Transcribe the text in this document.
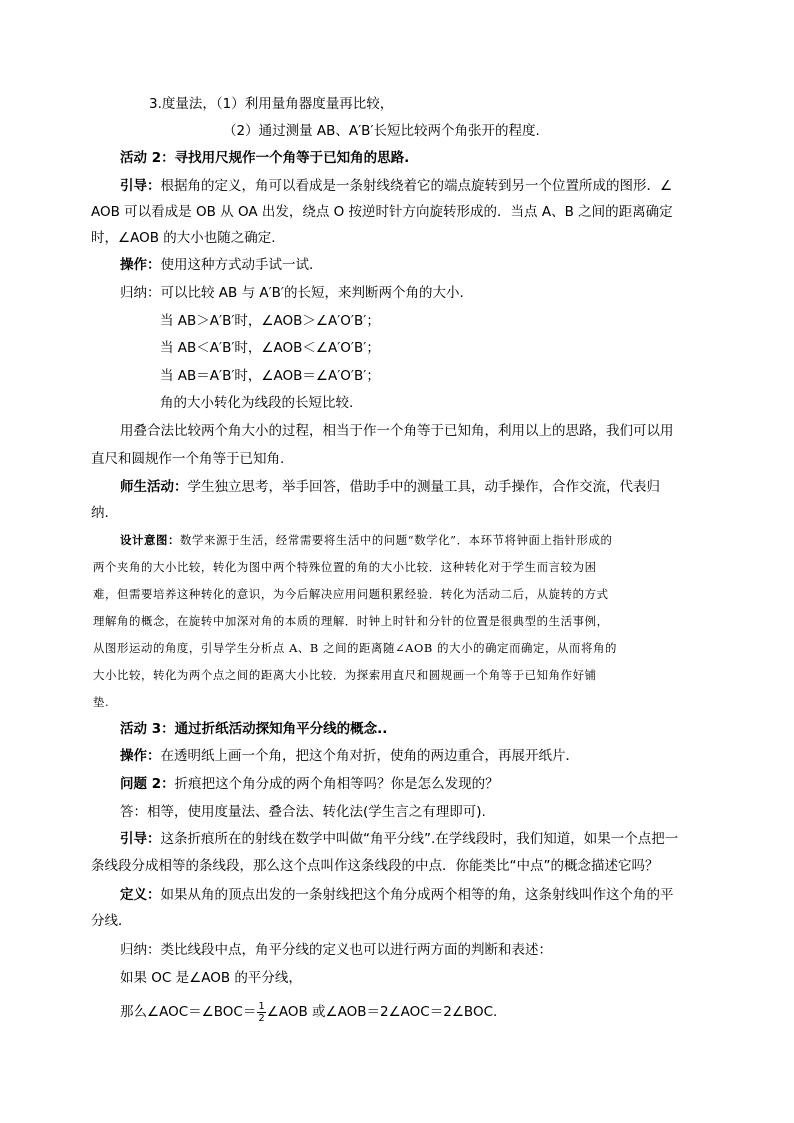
3.度量法，（1）利用量角器度量再比较，
（2）通过测量 AB、A′B′长短比较两个角张开的程度.
活动 2：寻找用尺规作一个角等于已知角的思路.
引导：根据角的定义，角可以看成是一条射线绕着它的端点旋转到另一个位置所成的图形．∠
AOB 可以看成是 OB 从 OA 出发，绕点 O 按逆时针方向旋转形成的．当点 A、B 之间的距离确定
时，∠AOB 的大小也随之确定.
操作：使用这种方式动手试一试.
归纳：可以比较 AB 与 A′B′的长短，来判断两个角的大小.
当 AB＞A′B′时，∠AOB＞∠A′O′B′；
当 AB＜A′B′时，∠AOB＜∠A′O′B′；
当 AB＝A′B′时，∠AOB＝∠A′O′B′；
角的大小转化为线段的长短比较.
用叠合法比较两个角大小的过程，相当于作一个角等于已知角，利用以上的思路，我们可以用
直尺和圆规作一个角等于已知角.
师生活动：学生独立思考，举手回答，借助手中的测量工具，动手操作，合作交流，代表归
纳.
设计意图：数学来源于生活，经常需要将生活中的问题“数学化”．本环节将钟面上指针形成的
两个夹角的大小比较，转化为图中两个特殊位置的角的大小比较．这种转化对于学生而言较为困
难，但需要培养这种转化的意识，为今后解决应用问题积累经验．转化为活动二后，从旋转的方式
理解角的概念，在旋转中加深对角的本质的理解．时钟上时针和分针的位置是很典型的生活事例，
从图形运动的角度，引导学生分析点 A、B 之间的距离随∠AOB 的大小的确定而确定，从而将角的
大小比较，转化为两个点之间的距离大小比较．为探索用直尺和圆规画一个角等于已知角作好铺
垫.
活动 3：通过折纸活动探知角平分线的概念..
操作：在透明纸上画一个角，把这个角对折，使角的两边重合，再展开纸片．
问题 2：折痕把这个角分成的两个角相等吗？你是怎么发现的？
答：相等，使用度量法、叠合法、转化法(学生言之有理即可).
引导：这条折痕所在的射线在数学中叫做“角平分线”.在学线段时，我们知道，如果一个点把一
条线段分成相等的条线段，那么这个点叫作这条线段的中点．你能类比“中点”的概念描述它吗？
定义：如果从角的顶点出发的一条射线把这个角分成两个相等的角，这条射线叫作这个角的平
分线．
归纳：类比线段中点，角平分线的定义也可以进行两方面的判断和表述：
如果 OC 是∠AOB 的平分线，
那么∠AOC＝∠BOC＝ $\frac{1}{2}$ ∠AOB 或∠AOB＝2∠AOC＝2∠BOC.
